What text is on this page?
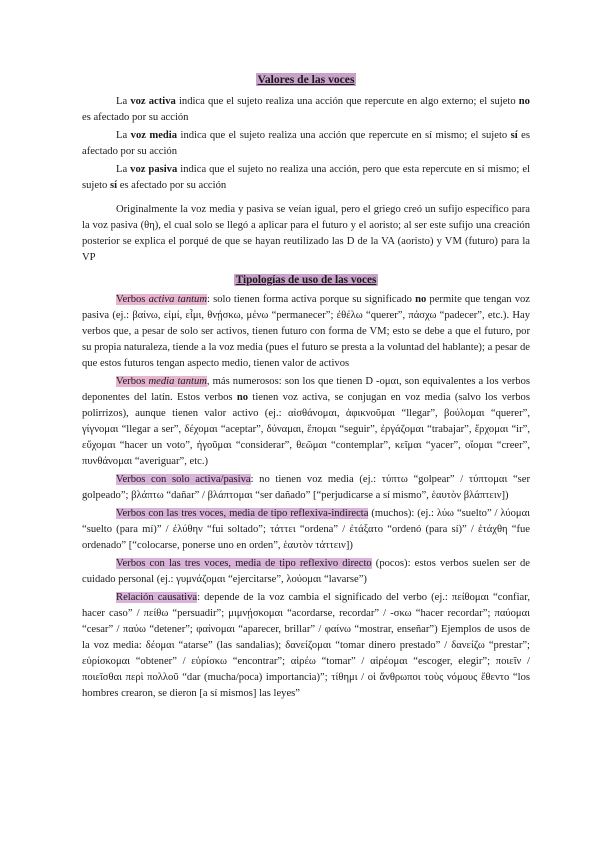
Valores de las voces

La voz activa indica que el sujeto realiza una acción que repercute en algo externo; el sujeto no es afectado por su acción

La voz media indica que el sujeto realiza una acción que repercute en sí mismo; el sujeto sí es afectado por su acción

La voz pasiva indica que el sujeto no realiza una acción, pero que esta repercute en sí mismo; el sujeto sí es afectado por su acción

Originalmente la voz media y pasiva se veían igual, pero el griego creó un sufijo específico para la voz pasiva (θη), el cual solo se llegó a aplicar para el futuro y el aoristo; al ser este sufijo una creación posterior se explica el porqué de que se hayan reutilizado las D de la VA (aoristo) y VM (futuro) para la VP

Tipologías de uso de las voces

Verbos activa tantum: solo tienen forma activa porque su significado no permite que tengan voz pasiva (ej.: βαίνω, εἰμί, εἶμι, θνῄσκω, μένω “permanecer”; ἐθέλω “querer”, πάσχω “padecer”, etc.). Hay verbos que, a pesar de solo ser activos, tienen futuro con forma de VM; esto se debe a que el futuro, por su propia naturaleza, tiende a la voz media (pues el futuro se presta a la voluntad del hablante); a pesar de que estos futuros tengan aspecto medio, tienen valor de activos

Verbos media tantum, más numerosos: son los que tienen D -ομαι, son equivalentes a los verbos deponentes del latín. Estos verbos no tienen voz activa, se conjugan en voz media (salvo los verbos polirrizos), aunque tienen valor activo (ej.: αἰσθάνομαι, ἀφικνοῦμαι “llegar”, βούλομαι “querer”, γίγνομαι “llegar a ser”, δέχομαι “aceptar”, δύναμαι, ἕπομαι “seguir”, ἐργάζομαι “trabajar”, ἔρχομαι “ir”, εὔχομαι “hacer un voto”, ἡγοῦμαι “considerar”, θεῶμαι “contemplar”, κεῖμαι “yacer”, οἴομαι “creer”, πυνθάνομαι “averiguar”, etc.)

Verbos con solo activa/pasiva: no tienen voz media (ej.: τύπτω “golpear” / τύπτομαι “ser golpeado”; βλάπτω “dañar” / βλάπτομαι “ser dañado” [“perjudicarse a sí mismo”, ἑαυτὸν βλάπτειν])

Verbos con las tres voces, media de tipo reflexiva-indirecta (muchos): (ej.: λύω “suelto” / λύομαι “suelto (para mí)” / ἐλύθην “fui soltado”; τάττει “ordena” / ἐτάξατο “ordenó (para sí)” / ἐτάχθη “fue ordenado” [“colocarse, ponerse uno en orden”, ἑαυτὸν τάττειν])

Verbos con las tres voces, media de tipo reflexivo directo (pocos): estos verbos suelen ser de cuidado personal (ej.: γυμνάζομαι “ejercitarse”, λούομαι “lavarse”)

Relación causativa: depende de la voz cambia el significado del verbo (ej.: πείθομαι “confiar, hacer caso” / πείθω “persuadir”; μιμνῄσκομαι “acordarse, recordar” / -σκω “hacer recordar”; παύομαι “cesar” / παύω “detener”; φαίνομαι “aparecer, brillar” / φαίνω “mostrar, enseñar”) Ejemplos de usos de la voz media: δέομαι “atarse” (las sandalias); δανείζομαι “tomar dinero prestado” / δανείζω “prestar”; εὑρίσκομαι “obtener” / εὑρίσκω “encontrar”; αἱρέω “tomar” / αἱρέομαι “escoger, elegir”; ποιεῖν / ποιεῖσθαι περὶ πολλοῦ “dar (mucha/poca) importancia)”; τίθημι / οἱ ἄνθρωποι τοὺς νόμους ἔθεντο “los hombres crearon, se dieron [a sí mismos] las leyes”
